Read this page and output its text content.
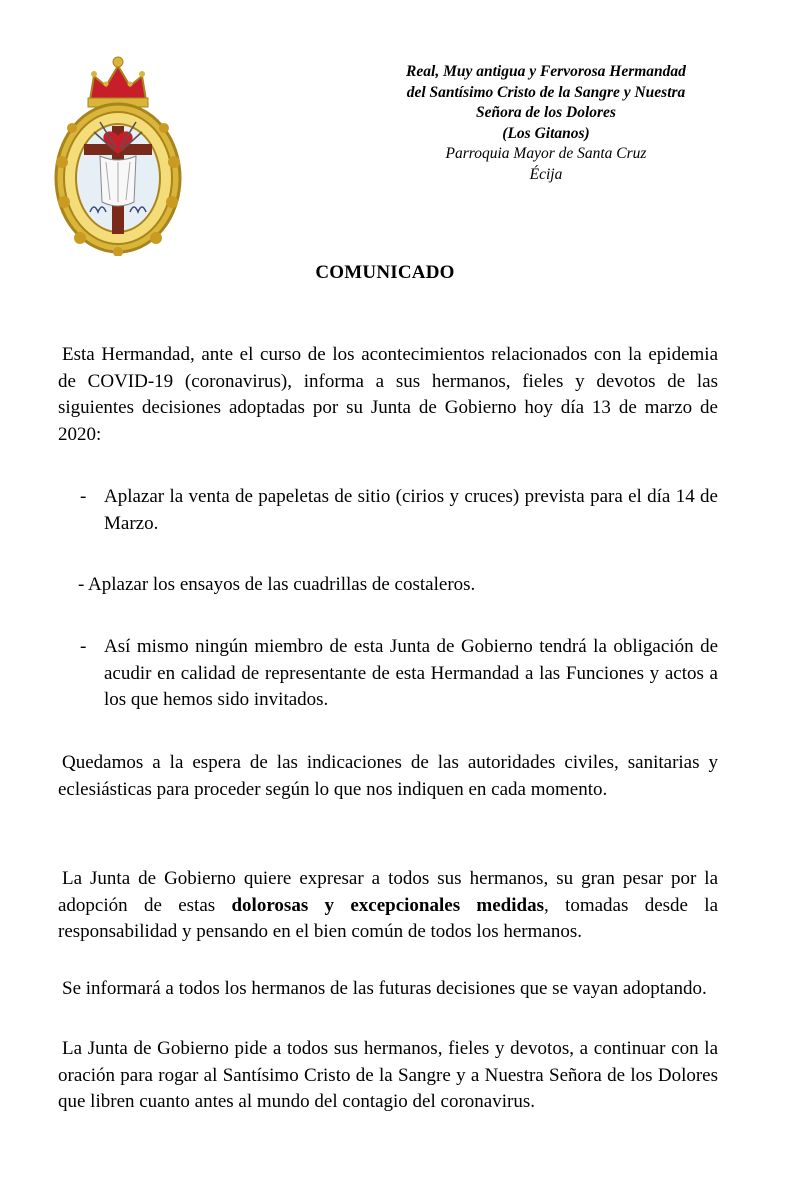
Real, Muy antigua y Fervorosa Hermandad
del Santísimo Cristo de la Sangre y Nuestra
Señora de los Dolores
(Los Gitanos)
Parroquia Mayor de Santa Cruz
Écija
COMUNICADO
Esta Hermandad, ante el curso de los acontecimientos relacionados con la epidemia de COVID-19 (coronavirus), informa a sus hermanos, fieles y devotos de las siguientes decisiones adoptadas por su Junta de Gobierno hoy día 13 de marzo de 2020:
- Aplazar la venta de papeletas de sitio (cirios y cruces) prevista para el día 14 de Marzo.
- Aplazar los ensayos de las cuadrillas de costaleros.
- Así mismo ningún miembro de esta Junta de Gobierno tendrá la obligación de acudir en calidad de representante de esta Hermandad a las Funciones y actos a los que hemos sido invitados.
Quedamos a la espera de las indicaciones de las autoridades civiles, sanitarias y eclesiásticas para proceder según lo que nos indiquen en cada momento.
La Junta de Gobierno quiere expresar a todos sus hermanos, su gran pesar por la adopción de estas dolorosas y excepcionales medidas, tomadas desde la responsabilidad y pensando en el bien común de todos los hermanos.
Se informará a todos los hermanos de las futuras decisiones que se vayan adoptando.
La Junta de Gobierno pide a todos sus hermanos, fieles y devotos, a continuar con la oración para rogar al Santísimo Cristo de la Sangre y a Nuestra Señora de los Dolores que libren cuanto antes al mundo del contagio del coronavirus.
